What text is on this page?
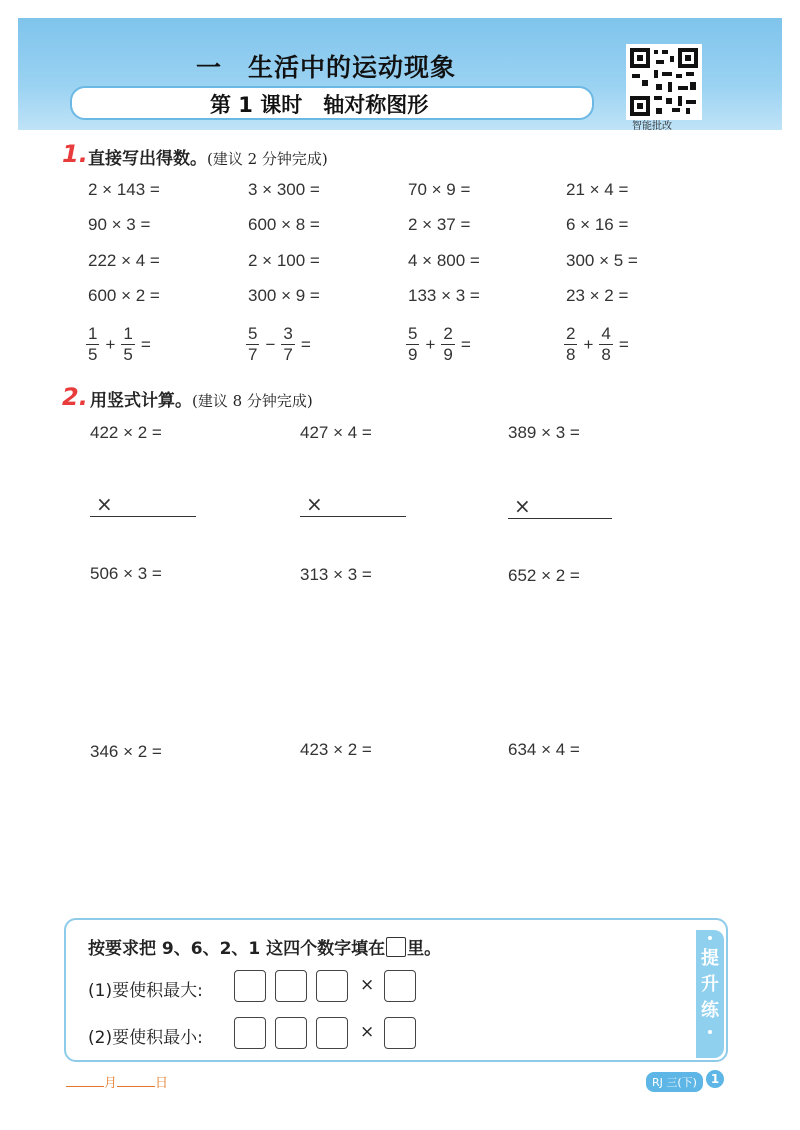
一　生活中的运动现象
第 1 课时　轴对称图形
智能批改
1. 直接写出得数。(建议 2 分钟完成)
2 × 143 =	3 × 300 =	70 × 9 =	21 × 4 =
90 × 3 =	600 × 8 =	2 × 37 =	6 × 16 =
222 × 4 =	2 × 100 =	4 × 800 =	300 × 5 =
600 × 2 =	300 × 9 =	133 × 3 =	23 × 2 =
$\frac{1}{5} + \frac{1}{5}$ =	$\frac{5}{7} - \frac{3}{7}$ =	$\frac{5}{9} + \frac{2}{9}$ =	$\frac{2}{8} + \frac{4}{8}$ =
2. 用竖式计算。(建议 8 分钟完成)
422 × 2 =	427 × 4 =	389 × 3 =
×	×	×
506 × 3 =	313 × 3 =	652 × 2 =
346 × 2 =	423 × 2 =	634 × 4 =
提
升
练
按要求把 9、6、2、1 这四个数字填在 里。
(1)要使积最大:	×
(2)要使积最小:	×
月	日	RJ 三(下)	1
